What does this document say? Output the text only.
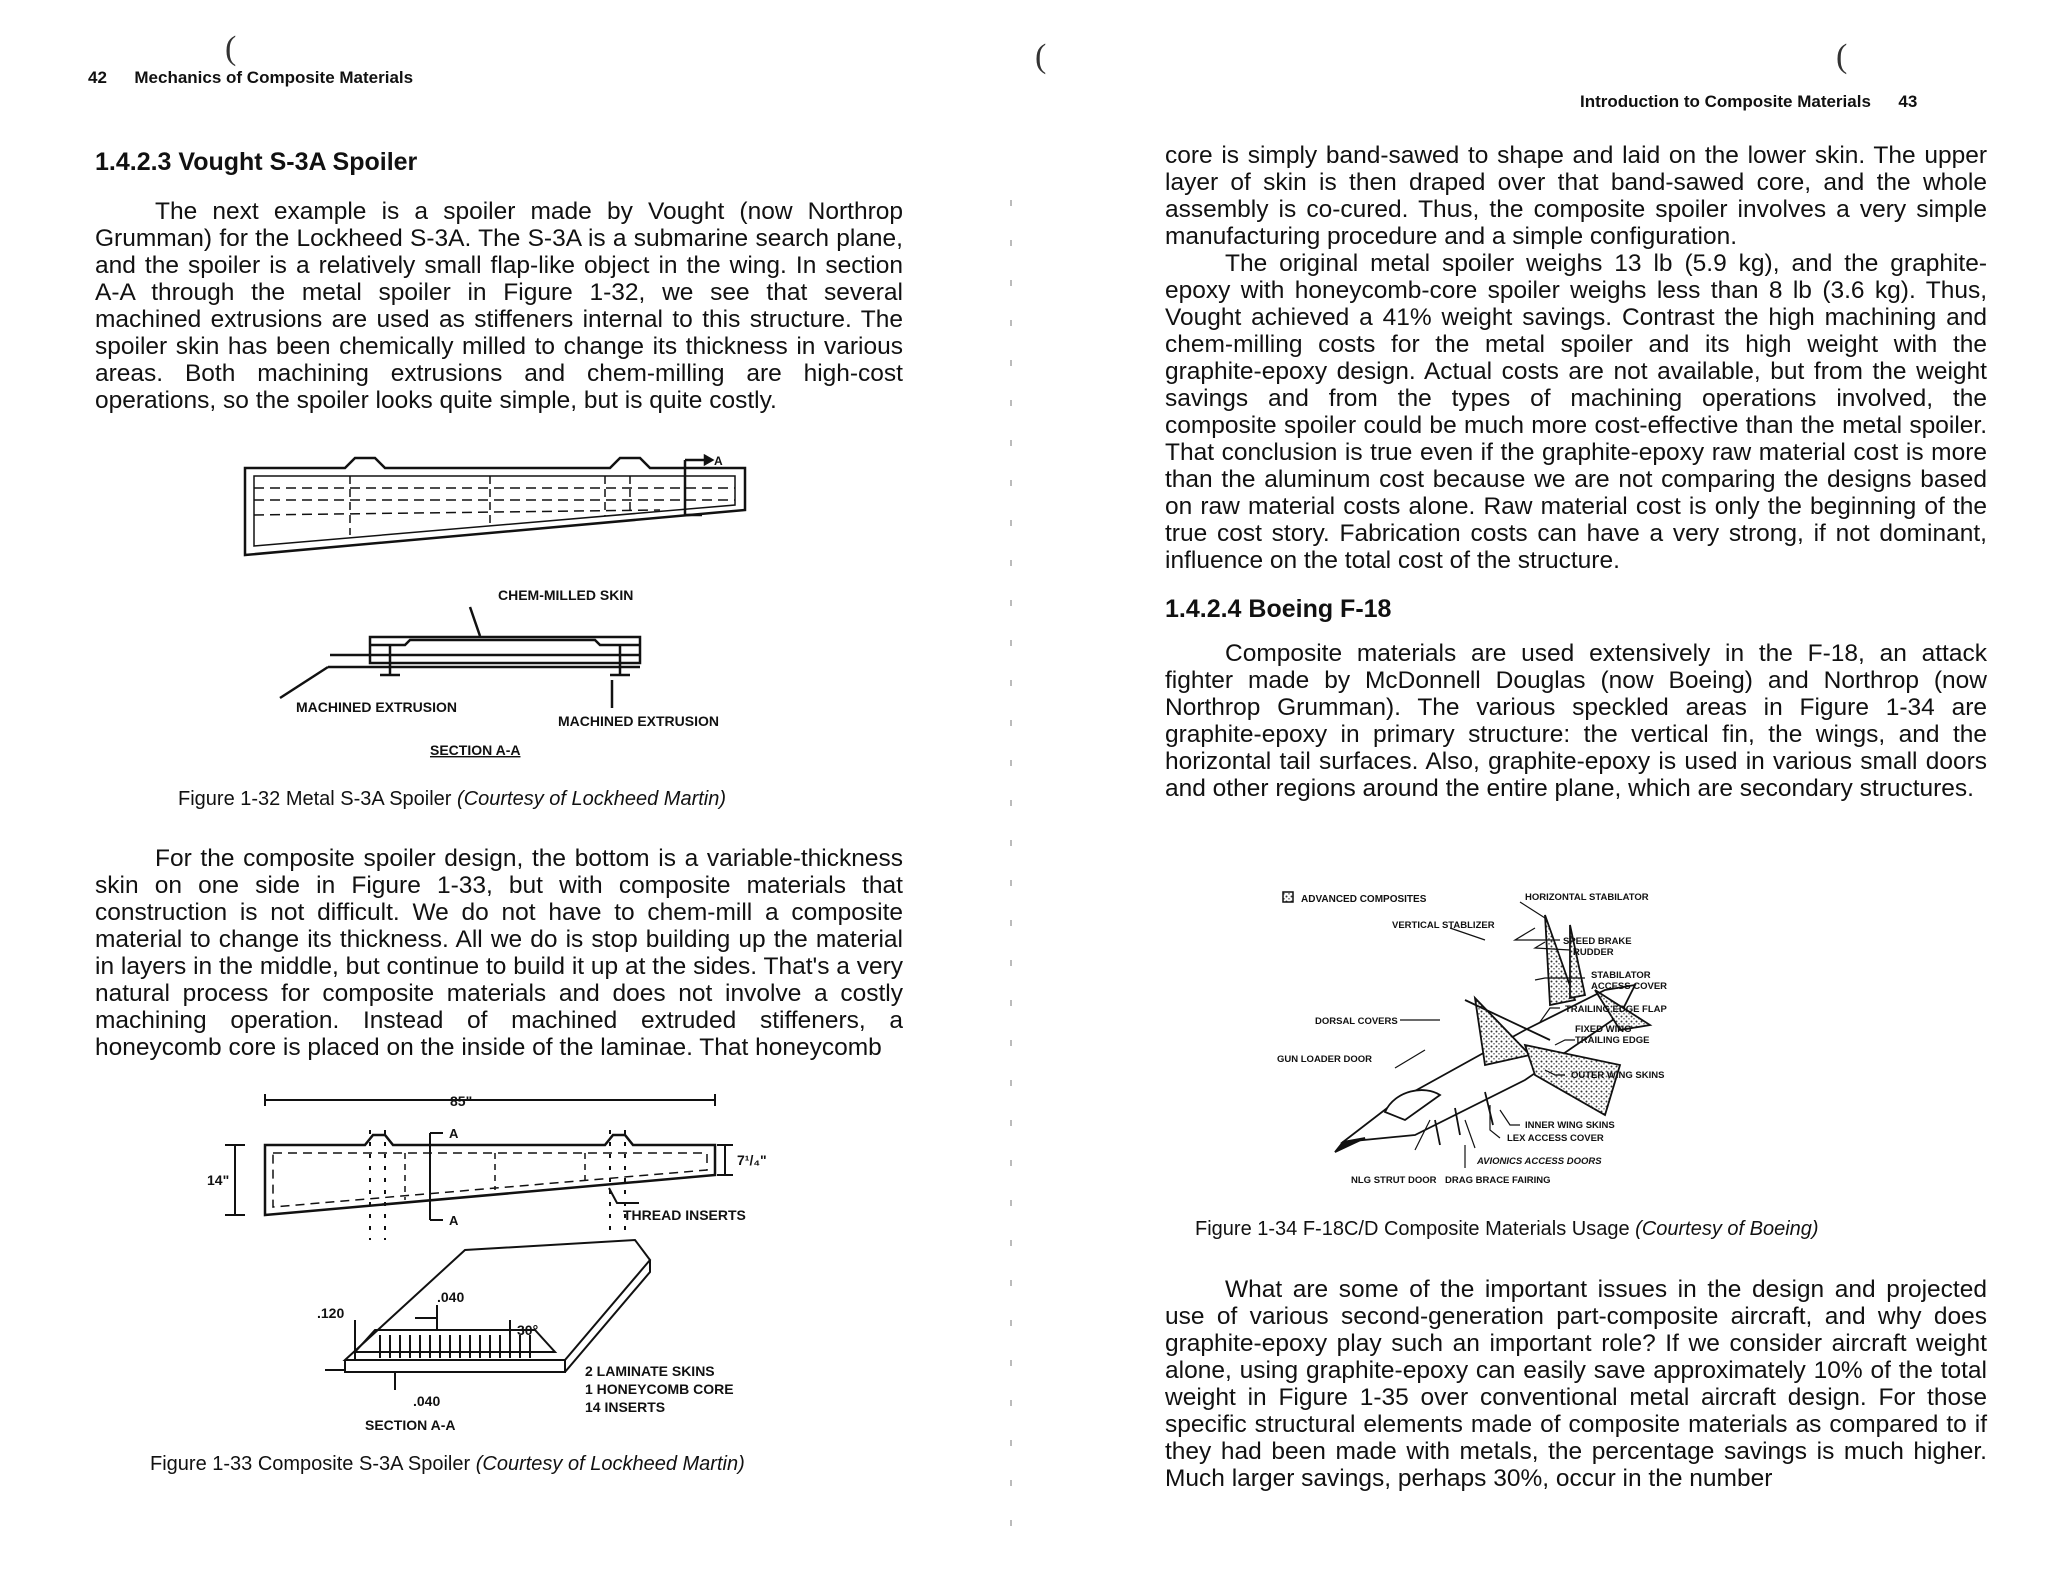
(	(	(
42 Mechanics of Composite Materials
1.4.2.3 Vought S-3A Spoiler

The next example is a spoiler made by Vought (now Northrop Grumman) for the Lockheed S-3A. The S-3A is a submarine search plane, and the spoiler is a relatively small flap-like object in the wing. In section A-A through the metal spoiler in Figure 1-32, we see that several machined extrusions are used as stiffeners internal to this structure. The spoiler skin has been chemically milled to change its thickness in various areas. Both machining extrusions and chem-milling are high-cost operations, so the spoiler looks quite simple, but is quite costly.

A
CHEM-MILLED SKIN
MACHINED EXTRUSION
MACHINED EXTRUSION
SECTION A-A
Figure 1-32 Metal S-3A Spoiler (Courtesy of Lockheed Martin)

For the composite spoiler design, the bottom is a variable-thickness skin on one side in Figure 1-33, but with composite materials that construction is not difficult. We do not have to chem-mill a composite material to change its thickness. All we do is stop building up the material in layers in the middle, but continue to build it up at the sides. That's a very natural process for composite materials and does not involve a costly machining operation. Instead of machined extruded stiffeners, a honeycomb core is placed on the inside of the laminae. That honeycomb

85"
14"
7¹/₄"
A
A	THREAD INSERTS
.040
.120
30°
.040
SECTION A-A
2 LAMINATE SKINS
1 HONEYCOMB CORE
14 INSERTS
Figure 1-33 Composite S-3A Spoiler (Courtesy of Lockheed Martin)
Introduction to Composite Materials 43

core is simply band-sawed to shape and laid on the lower skin. The upper layer of skin is then draped over that band-sawed core, and the whole assembly is co-cured. Thus, the composite spoiler involves a very simple manufacturing procedure and a simple configuration.

The original metal spoiler weighs 13 lb (5.9 kg), and the graphite-epoxy with honeycomb-core spoiler weighs less than 8 lb (3.6 kg). Thus, Vought achieved a 41% weight savings. Contrast the high machining and chem-milling costs for the metal spoiler and its high weight with the graphite-epoxy design. Actual costs are not available, but from the weight savings and from the types of machining operations involved, the composite spoiler could be much more cost-effective than the metal spoiler. That conclusion is true even if the graphite-epoxy raw material cost is more than the aluminum cost because we are not comparing the designs based on raw material costs alone. Raw material cost is only the beginning of the true cost story. Fabrication costs can have a very strong, if not dominant, influence on the total cost of the structure.

1.4.2.4 Boeing F-18

Composite materials are used extensively in the F-18, an attack fighter made by McDonnell Douglas (now Boeing) and Northrop (now Northrop Grumman). The various speckled areas in Figure 1-34 are graphite-epoxy in primary structure: the vertical fin, the wings, and the horizontal tail surfaces. Also, graphite-epoxy is used in various small doors and other regions around the entire plane, which are secondary structures.

ADVANCED COMPOSITES
VERTICAL STABLIZER
HORIZONTAL STABILATOR
SPEED BRAKE
RUDDER
STABILATOR
ACCESS COVER
DORSAL COVERS
TRAILING EDGE FLAP
FIXED WING
TRAILING EDGE
GUN LOADER DOOR
OUTER WING SKINS
INNER WING SKINS
LEX ACCESS COVER
AVIONICS ACCESS DOORS
NLG STRUT DOOR DRAG BRACE FAIRING
Figure 1-34 F-18C/D Composite Materials Usage (Courtesy of Boeing)

What are some of the important issues in the design and projected use of various second-generation part-composite aircraft, and why does graphite-epoxy play such an important role? If we consider aircraft weight alone, using graphite-epoxy can easily save approximately 10% of the total weight in Figure 1-35 over conventional metal aircraft design. For those specific structural elements made of composite materials as compared to if they had been made with metals, the percentage savings is much higher. Much larger savings, perhaps 30%, occur in the number
